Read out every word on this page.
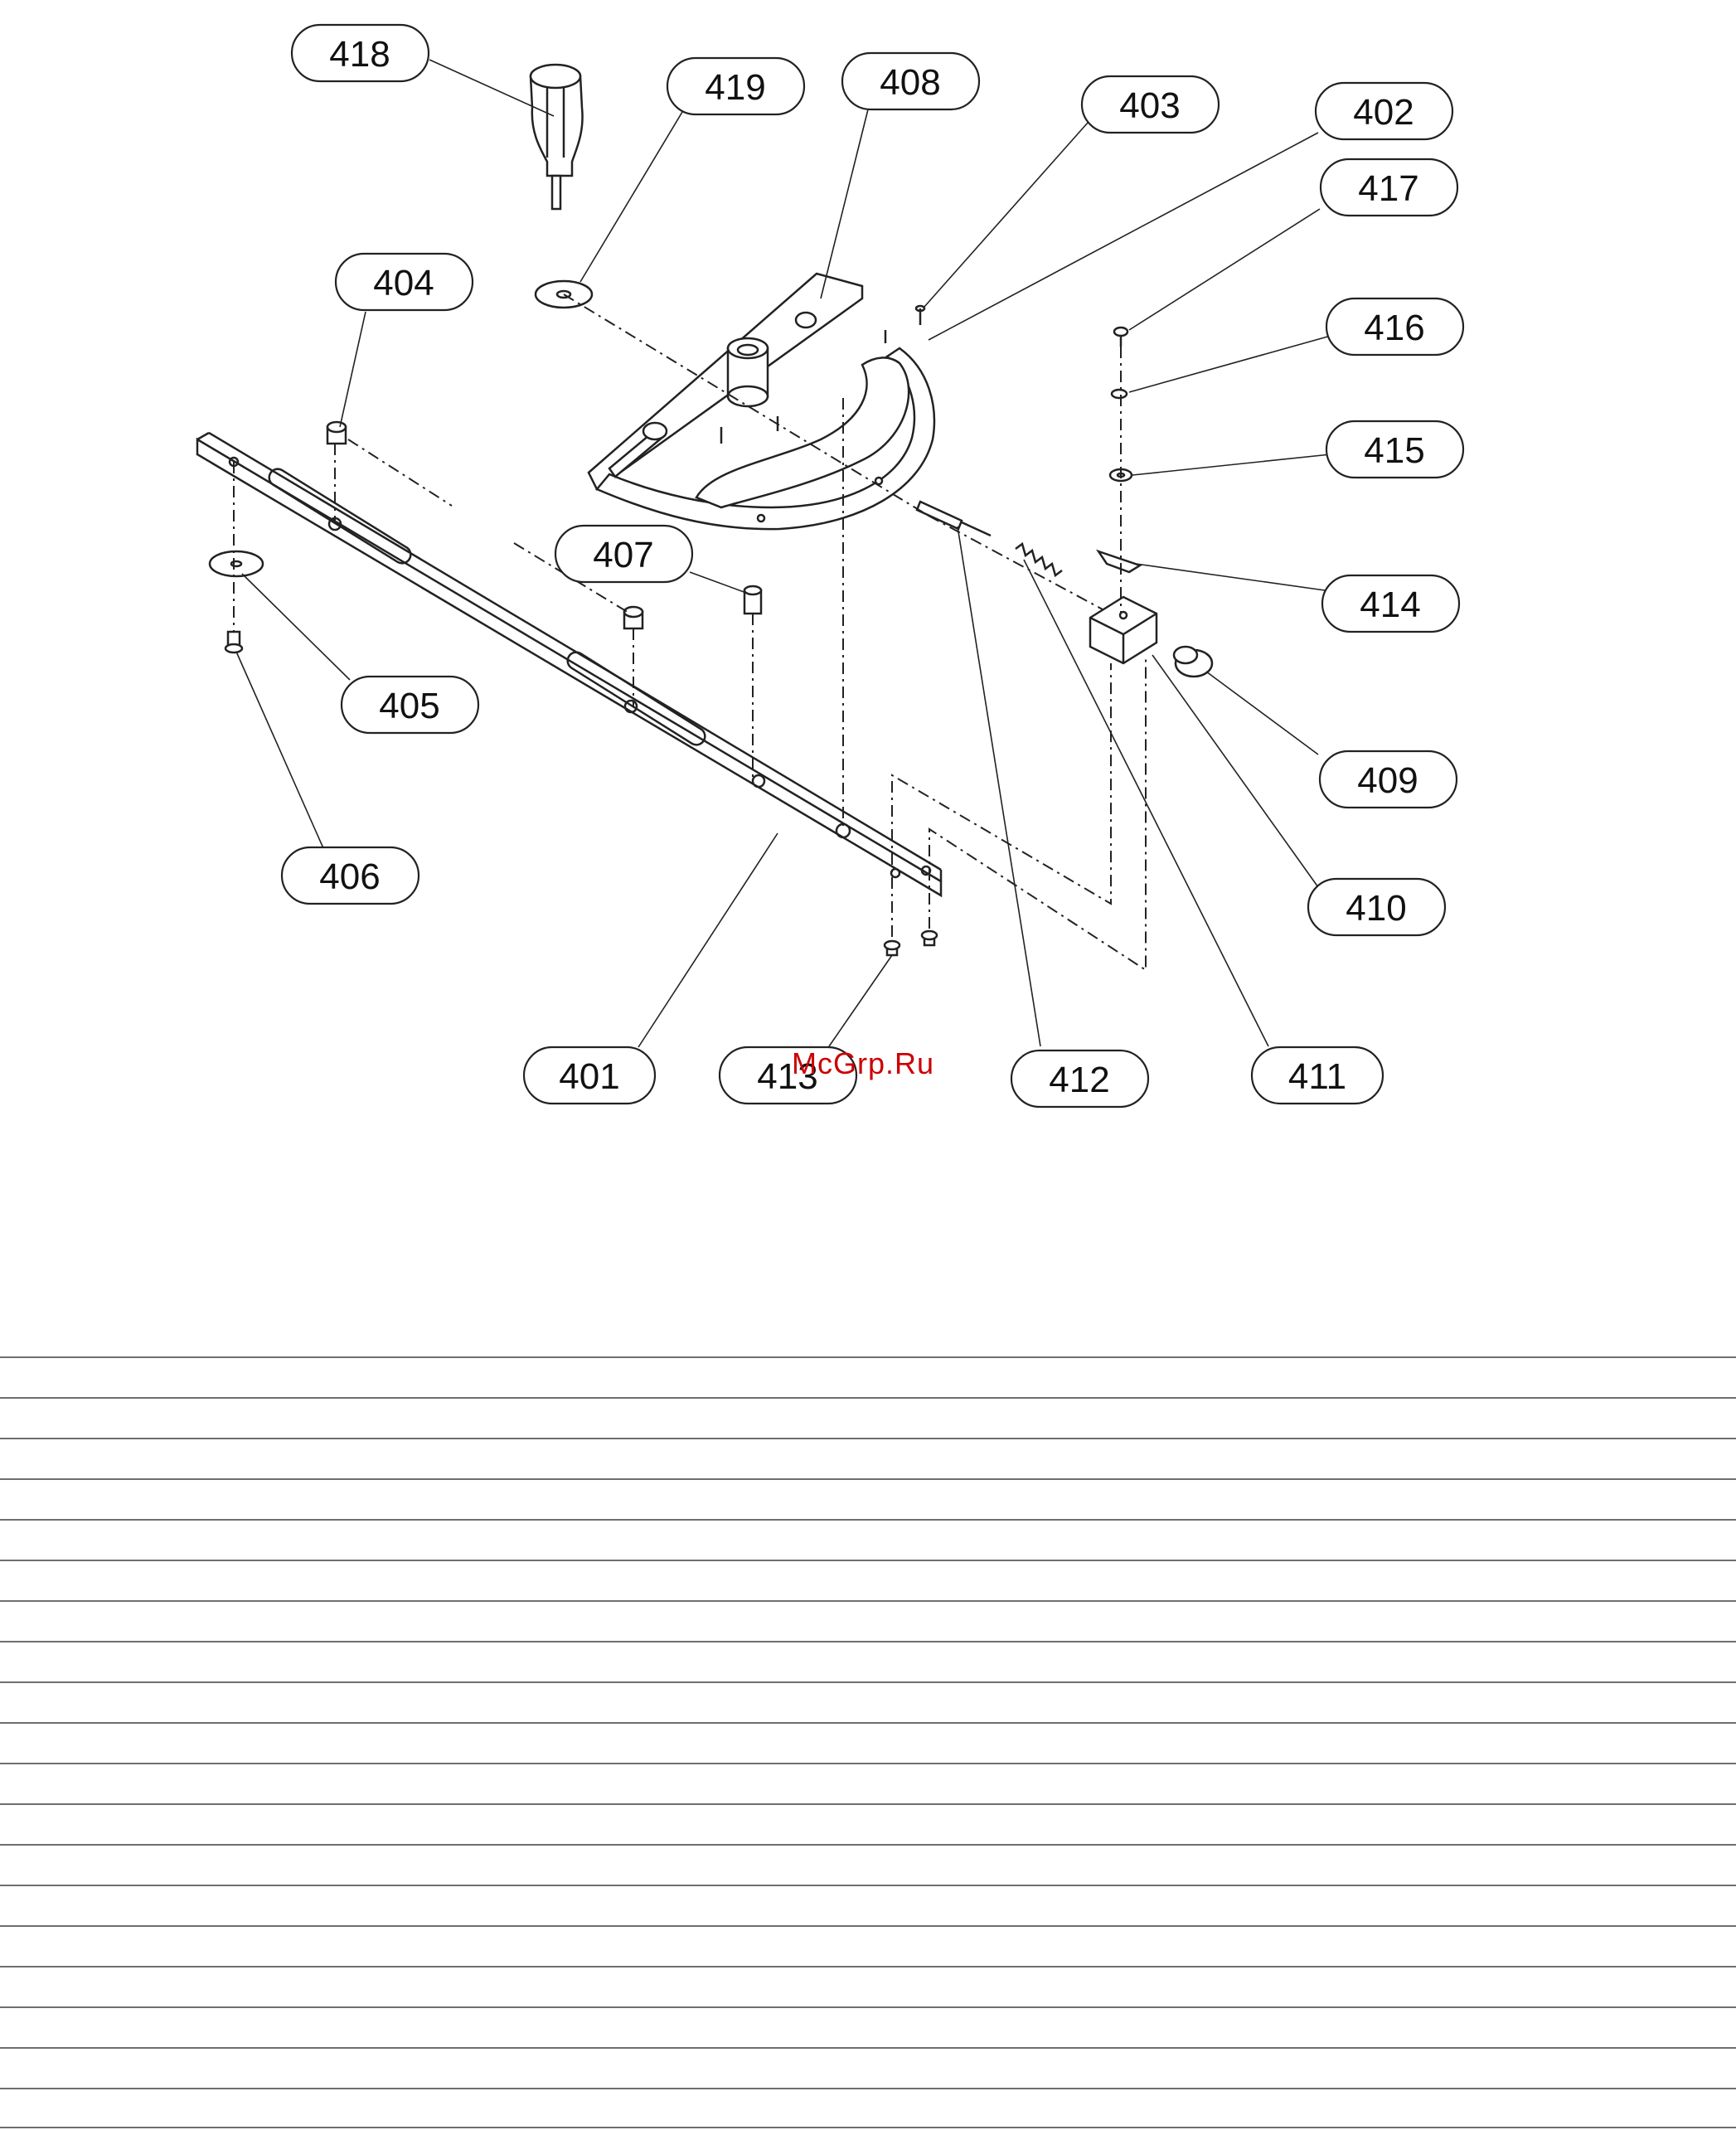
418
419	408
403	402
417
404
416
415
407
414
405
409
406
410
401	413	412	411
McGrp.Ru
